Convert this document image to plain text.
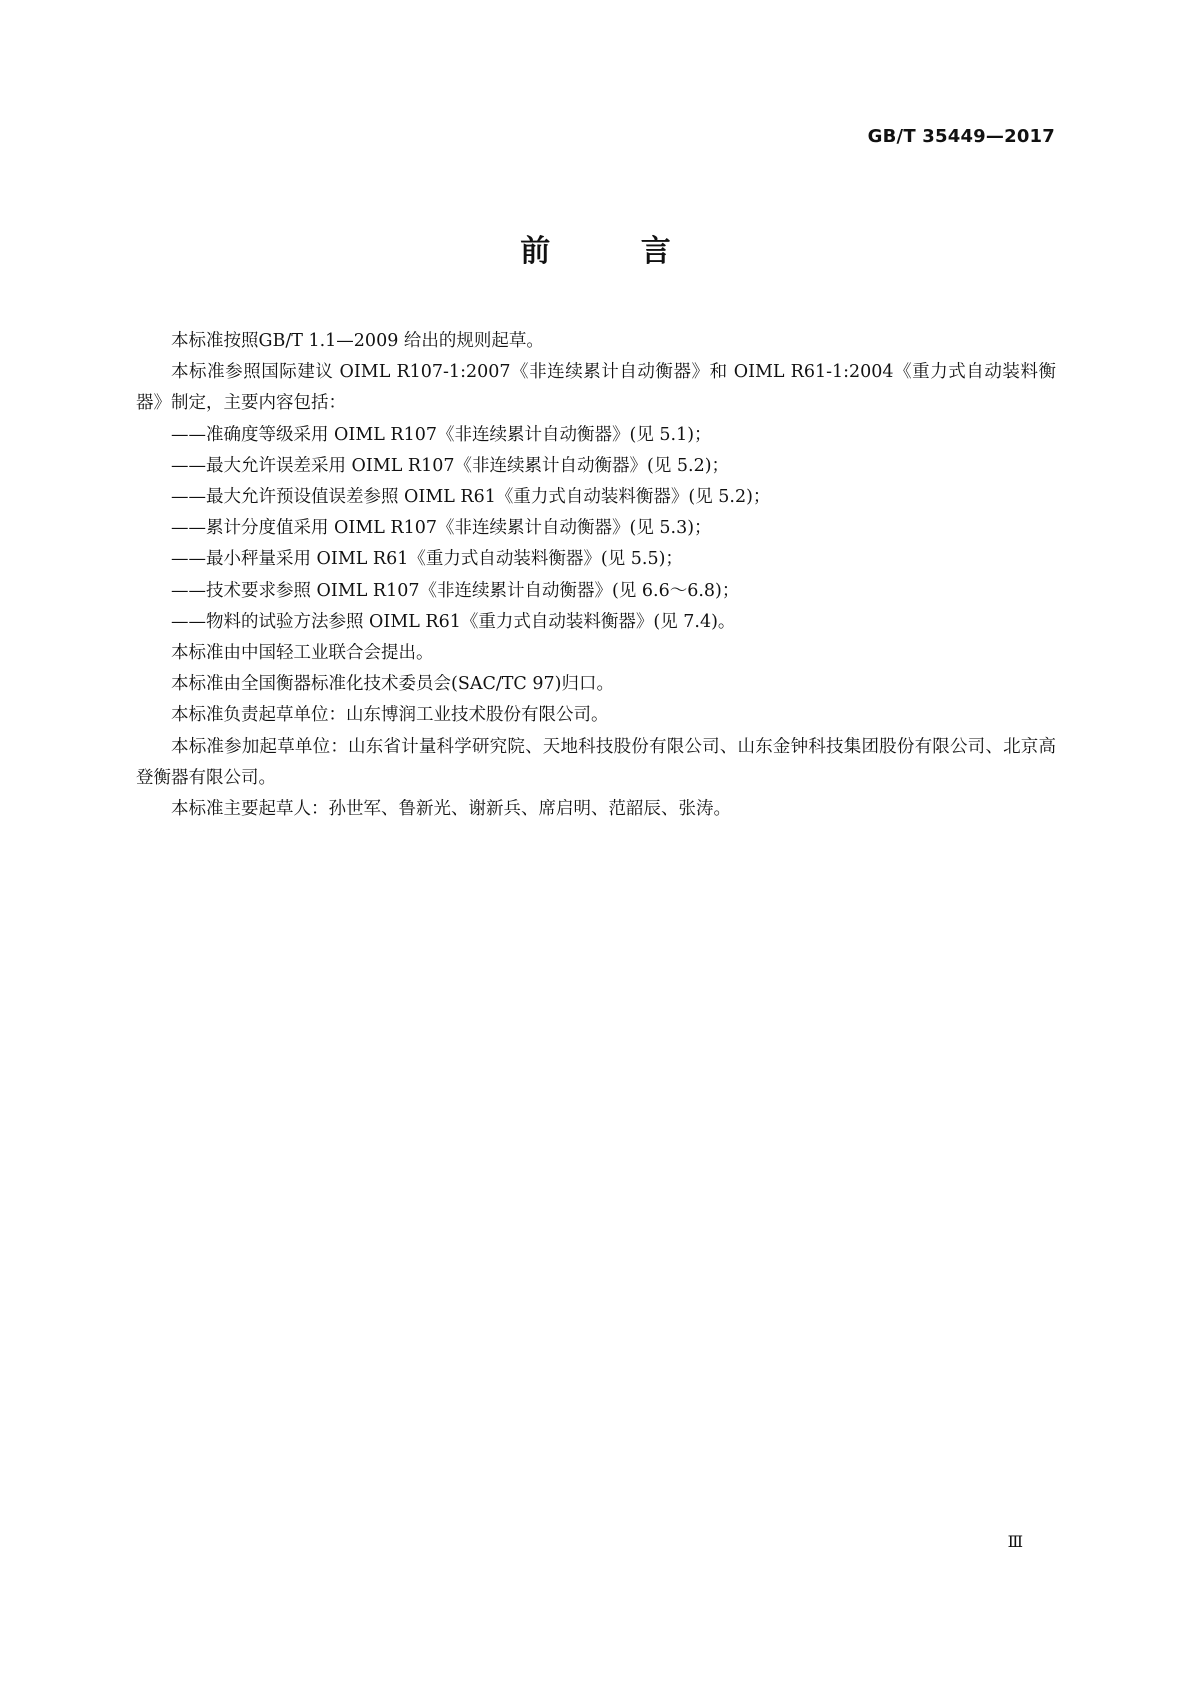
GB/T 35449—2017
前 言

本标准按照GB/T 1.1—2009 给出的规则起草。

本标准参照国际建议 OIML R107-1:2007《非连续累计自动衡器》和 OIML R61-1:2004《重力式自动装料衡器》制定，主要内容包括：

——准确度等级采用 OIML R107《非连续累计自动衡器》(见 5.1)；

——最大允许误差采用 OIML R107《非连续累计自动衡器》(见 5.2)；

——最大允许预设值误差参照 OIML R61《重力式自动装料衡器》(见 5.2)；

——累计分度值采用 OIML R107《非连续累计自动衡器》(见 5.3)；

——最小秤量采用 OIML R61《重力式自动装料衡器》(见 5.5)；

——技术要求参照 OIML R107《非连续累计自动衡器》(见 6.6～6.8)；

——物料的试验方法参照 OIML R61《重力式自动装料衡器》(见 7.4)。

本标准由中国轻工业联合会提出。

本标准由全国衡器标准化技术委员会(SAC/TC 97)归口。

本标准负责起草单位：山东博润工业技术股份有限公司。

本标准参加起草单位：山东省计量科学研究院、天地科技股份有限公司、山东金钟科技集团股份有限公司、北京高登衡器有限公司。

本标准主要起草人：孙世军、鲁新光、谢新兵、席启明、范韶辰、张涛。

Ⅲ
